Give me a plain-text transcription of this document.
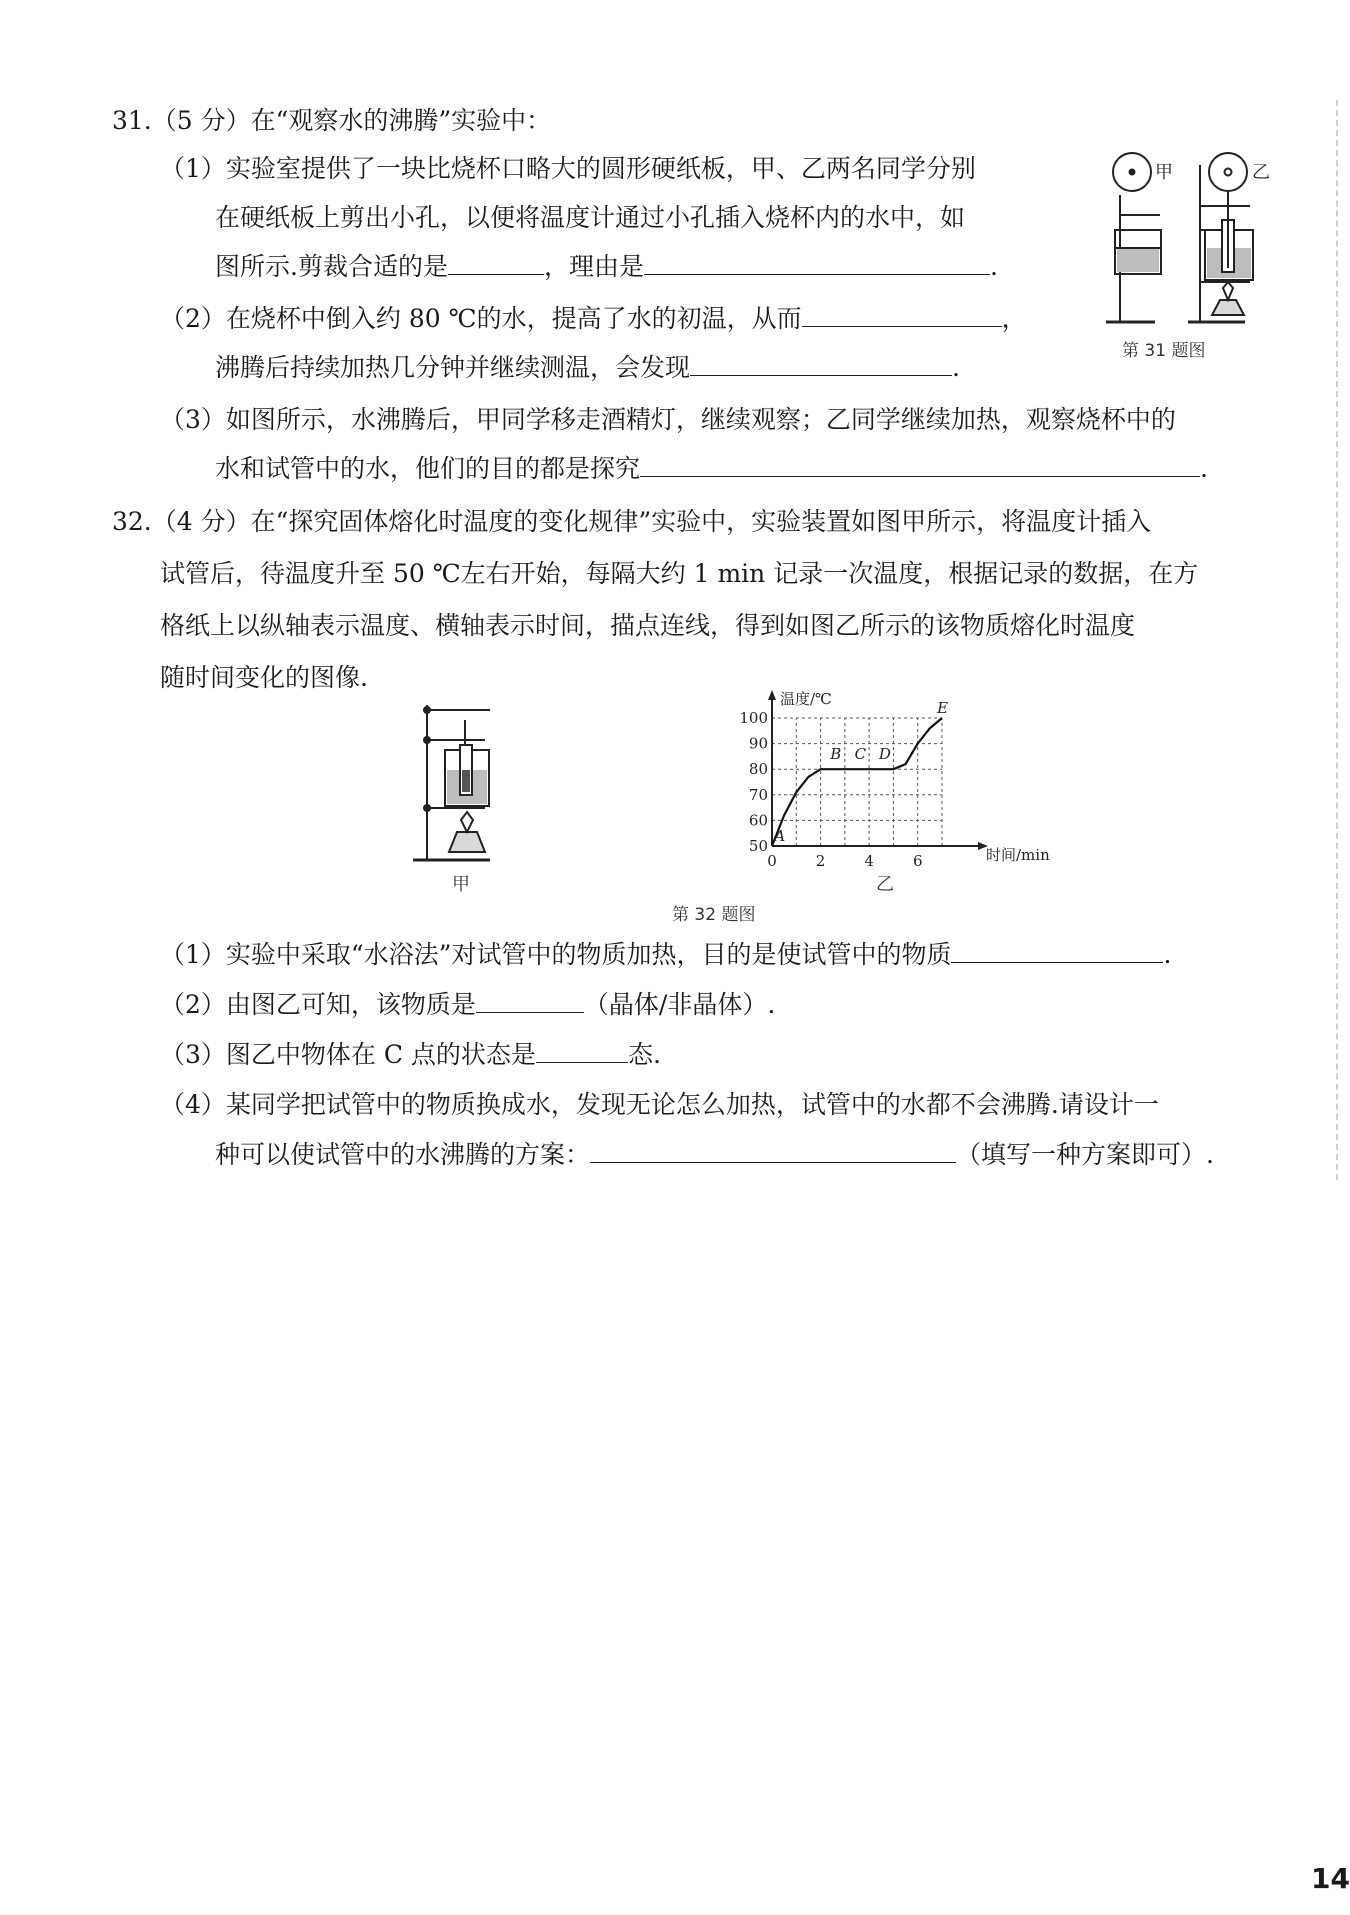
31.（5 分）在“观察水的沸腾”实验中：
（1）实验室提供了一块比烧杯口略大的圆形硬纸板，甲、乙两名同学分别
在硬纸板上剪出小孔，以便将温度计通过小孔插入烧杯内的水中，如
图所示.剪裁合适的是	，理由是	.
（2）在烧杯中倒入约 80 ℃的水，提高了水的初温，从而	，
沸腾后持续加热几分钟并继续测温，会发现	.
（3）如图所示，水沸腾后，甲同学移走酒精灯，继续观察；乙同学继续加热，观察烧杯中的
水和试管中的水，他们的目的都是探究	.
甲	乙
第 31 题图
32.（4 分）在“探究固体熔化时温度的变化规律”实验中，实验装置如图甲所示，将温度计插入
试管后，待温度升至 50 ℃左右开始，每隔大约 1 min 记录一次温度，根据记录的数据，在方
格纸上以纵轴表示温度、横轴表示时间，描点连线，得到如图乙所示的该物质熔化时温度
随时间变化的图像.
甲
50
60
70
80
90
100
0	2	4	6
温度/℃
时间/min
A
B C D
E
乙
第 32 题图
（1）实验中采取“水浴法”对试管中的物质加热，目的是使试管中的物质	.
（2）由图乙可知，该物质是	（晶体/非晶体）.
（3）图乙中物体在 C 点的状态是	态.
（4）某同学把试管中的物质换成水，发现无论怎么加热，试管中的水都不会沸腾.请设计一
种可以使试管中的水沸腾的方案：	（填写一种方案即可）.
14
